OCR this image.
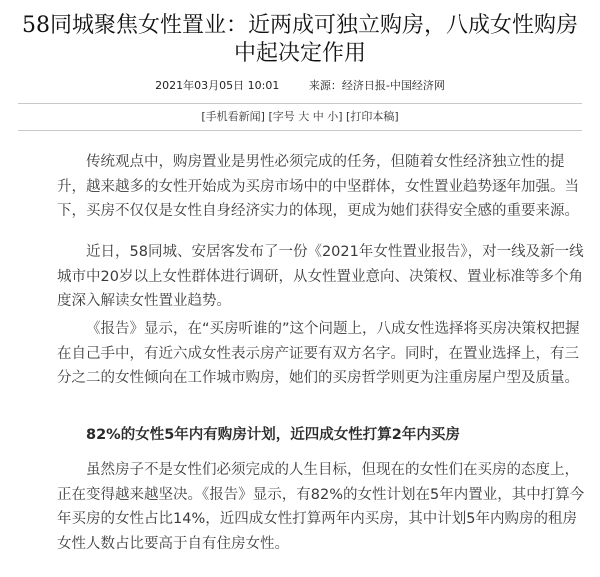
58同城聚焦女性置业：近两成可独立购房，八成女性购房
中起决定作用
2021年03月05日 10:01	来源：经济日报-中国经济网
[手机看新闻] [字号 大 中 小] [打印本稿]

传统观点中，购房置业是男性必须完成的任务，但随着女性经济独立性的提升，越来越多的女性开始成为买房市场中的中坚群体，女性置业趋势逐年加强。当下，买房不仅仅是女性自身经济实力的体现，更成为她们获得安全感的重要来源。

近日，58同城、安居客发布了一份《2021年女性置业报告》，对一线及新一线城市中20岁以上女性群体进行调研，从女性置业意向、决策权、置业标准等多个角度深入解读女性置业趋势。

《报告》显示，在“买房听谁的”这个问题上，八成女性选择将买房决策权把握在自己手中，有近六成女性表示房产证要有双方名字。同时，在置业选择上，有三分之二的女性倾向在工作城市购房，她们的买房哲学则更为注重房屋户型及质量。

82%的女性5年内有购房计划，近四成女性打算2年内买房

虽然房子不是女性们必须完成的人生目标，但现在的女性们在买房的态度上，正在变得越来越坚决。《报告》显示，有82%的女性计划在5年内置业，其中打算今年买房的女性占比14%，近四成女性打算两年内买房，其中计划5年内购房的租房女性人数占比要高于自有住房女性。
